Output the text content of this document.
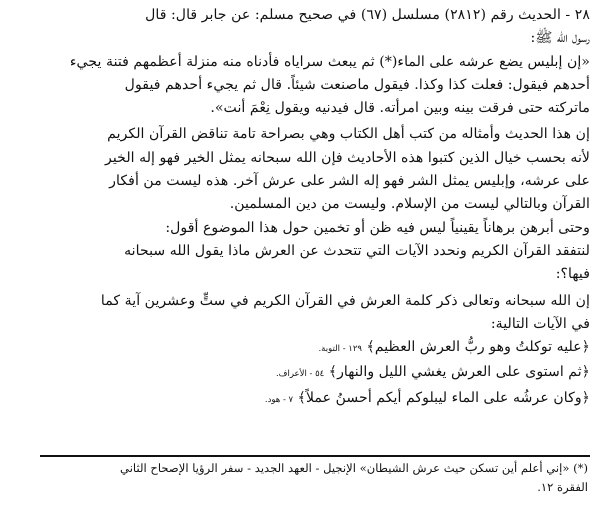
٢٨ - الحديث رقم (٢٨١٢) مسلسل (٦٧) في صحيح مسلم: عن جابر قال: قال
رسول الله ﷺ:
«إن إبليس يضع عرشه على الماء(*) ثم يبعث سراياه فأدناه منه منزلة أعظمهم فتنة يجيء
أحدهم فيقول: فعلت كذا وكذا. فيقول ماصنعت شيئاً. قال ثم يجيء أحدهم فيقول
ماتركته حتى فرقت بينه وبين امرأته. قال فيدنيه ويقول نِعْمَ أنت».
إن هذا الحديث وأمثاله من كتب أهل الكتاب وهي بصراحة تامة تناقض القرآن الكريم
لأنه بحسب خيال الذين كتبوا هذه الأحاديث فإن الله سبحانه يمثل الخير فهو إله الخير
على عرشه، وإبليس يمثل الشر فهو إله الشر على عرش آخر. هذه ليست من أفكار
القرآن وبالتالي ليست من الإسلام. وليست من دين المسلمين.
وحتى أبرهن برهاناً يقينياً ليس فيه ظن أو تخمين حول هذا الموضوع أقول:
لنتفقد القرآن الكريم ونحدد الآيات التي تتحدث عن العرش ماذا يقول الله سبحانه
فيها؟:
إن الله سبحانه وتعالى ذكر كلمة العرش في القرآن الكريم في ستٍّ وعشرين آية كما
في الآيات التالية:
﴿عليه توكلتُ وهو ربُّ العرش العظيم﴾ ١٢٩ - التوبة.
﴿ثم استوى على العرش يغشي الليل والنهار﴾ ٥٤ - الأعراف.
﴿وكان عرشُه على الماء ليبلوكم أيكم أحسنُ عملاً﴾ ٧ - هود.
(*) «إني أعلم أين تسكن حيث عرش الشيطان» الإنجيل - العهد الجديد - سفر الرؤيا الإصحاح الثاني
الفقرة ١٢.
